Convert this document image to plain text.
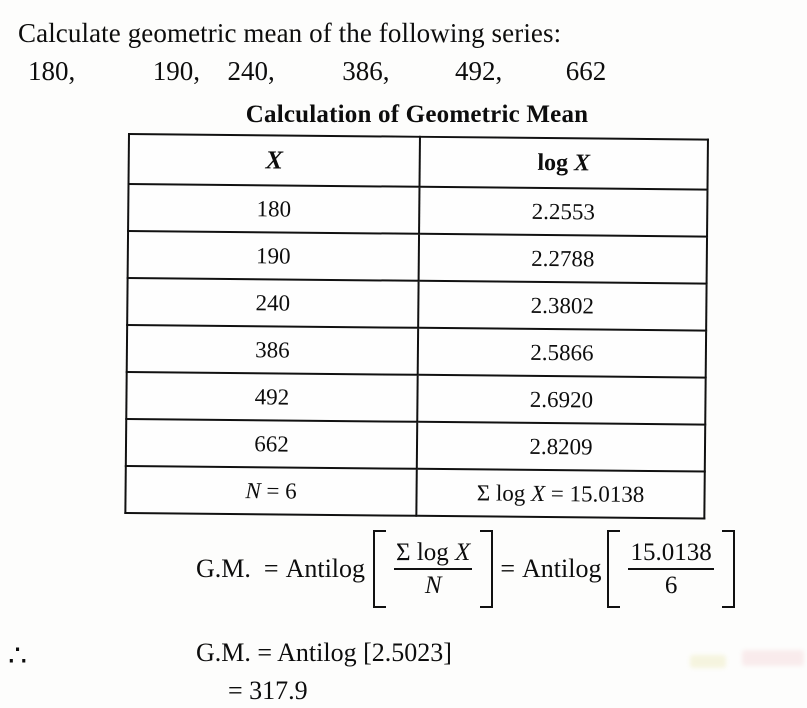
Calculate geometric mean of the following series:
180,	190, 240,	386, 492, 662
Calculation of Geometric Mean
X	log X
180	2.2553
190	2.2788
240	2.3802
386	2.5866
492	2.6920
662	2.8209
N = 6	Σ log X = 15.0138
G.M. = Antilog $\frac{\text{Σ log X}}{N}$ = Antilog $\frac{15.0138}{6}$
∴	G.M. = Antilog [2.5023]
= 317.9
